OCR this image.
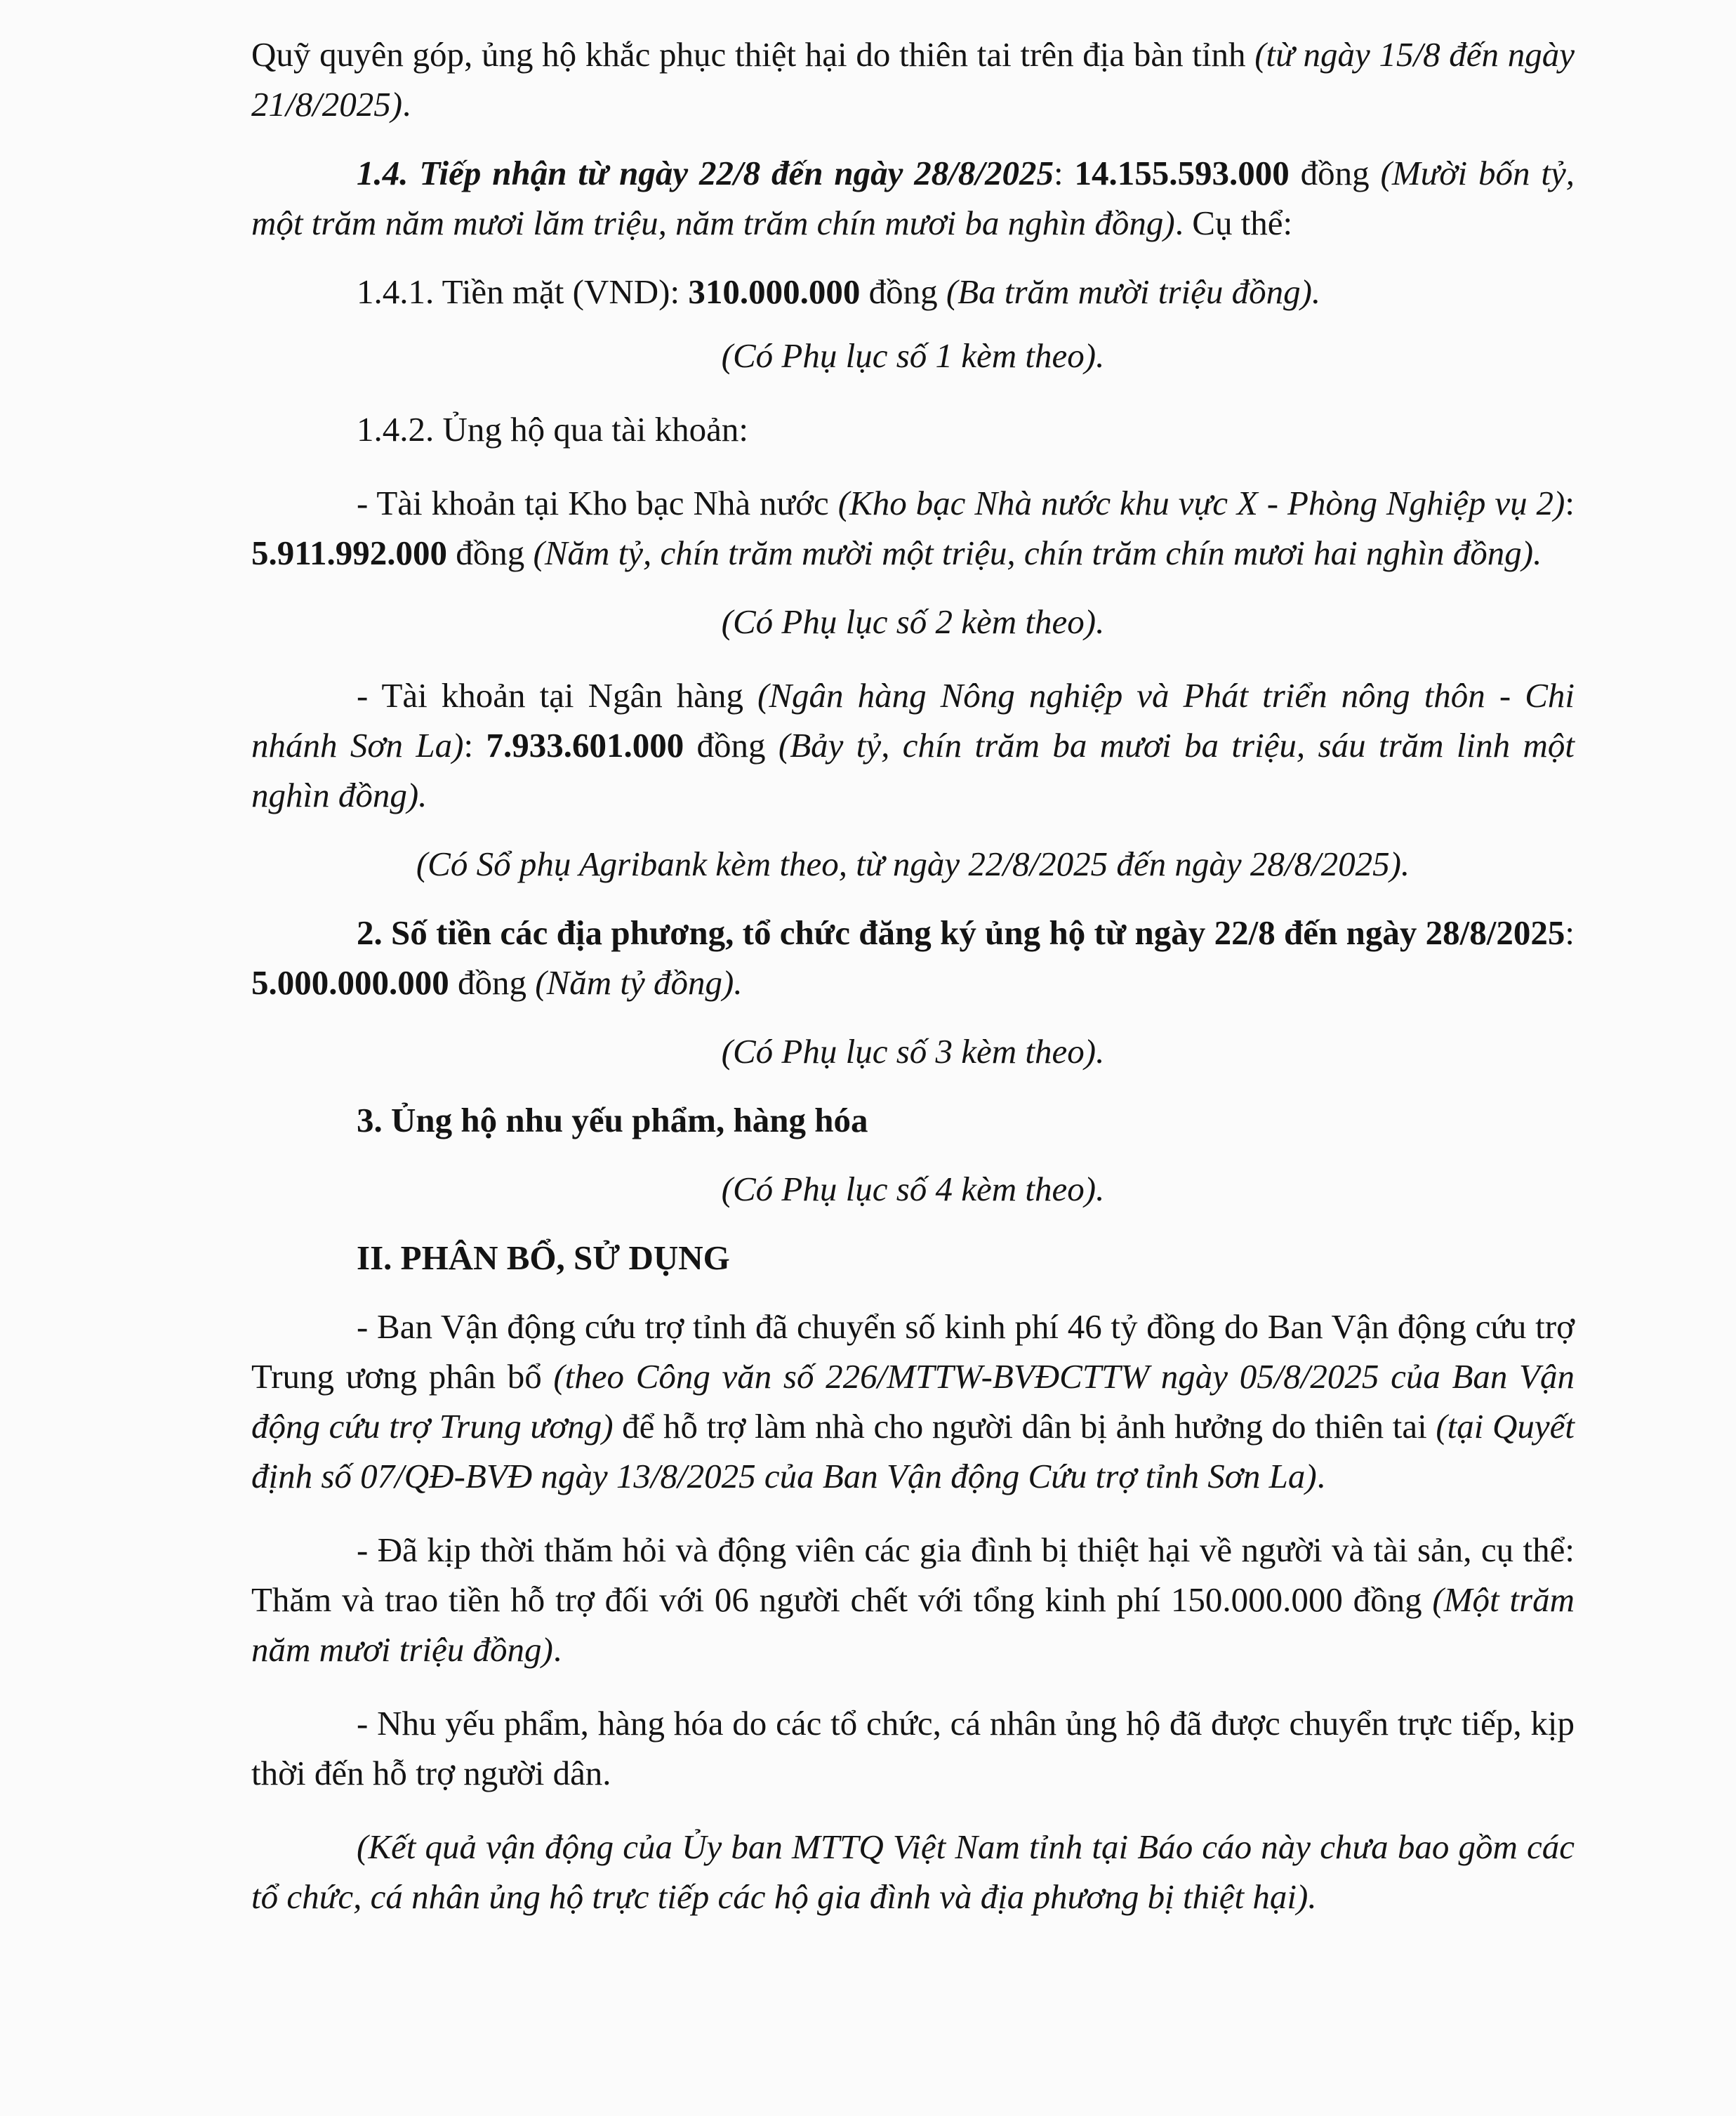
Quỹ quyên góp, ủng hộ khắc phục thiệt hại do thiên tai trên địa bàn tỉnh (từ ngày 15/8 đến ngày 21/8/2025).

1.4. Tiếp nhận từ ngày 22/8 đến ngày 28/8/2025: 14.155.593.000 đồng (Mười bốn tỷ, một trăm năm mươi lăm triệu, năm trăm chín mươi ba nghìn đồng). Cụ thể:

1.4.1. Tiền mặt (VND): 310.000.000 đồng (Ba trăm mười triệu đồng).

(Có Phụ lục số 1 kèm theo).

1.4.2. Ủng hộ qua tài khoản:

- Tài khoản tại Kho bạc Nhà nước (Kho bạc Nhà nước khu vực X - Phòng Nghiệp vụ 2): 5.911.992.000 đồng (Năm tỷ, chín trăm mười một triệu, chín trăm chín mươi hai nghìn đồng).

(Có Phụ lục số 2 kèm theo).

- Tài khoản tại Ngân hàng (Ngân hàng Nông nghiệp và Phát triển nông thôn - Chi nhánh Sơn La): 7.933.601.000 đồng (Bảy tỷ, chín trăm ba mươi ba triệu, sáu trăm linh một nghìn đồng).

(Có Sổ phụ Agribank kèm theo, từ ngày 22/8/2025 đến ngày 28/8/2025).

2. Số tiền các địa phương, tổ chức đăng ký ủng hộ từ ngày 22/8 đến ngày 28/8/2025: 5.000.000.000 đồng (Năm tỷ đồng).

(Có Phụ lục số 3 kèm theo).

3. Ủng hộ nhu yếu phẩm, hàng hóa

(Có Phụ lục số 4 kèm theo).

II. PHÂN BỔ, SỬ DỤNG

- Ban Vận động cứu trợ tỉnh đã chuyển số kinh phí 46 tỷ đồng do Ban Vận động cứu trợ Trung ương phân bổ (theo Công văn số 226/MTTW-BVĐCTTW ngày 05/8/2025 của Ban Vận động cứu trợ Trung ương) để hỗ trợ làm nhà cho người dân bị ảnh hưởng do thiên tai (tại Quyết định số 07/QĐ-BVĐ ngày 13/8/2025 của Ban Vận động Cứu trợ tỉnh Sơn La).

- Đã kịp thời thăm hỏi và động viên các gia đình bị thiệt hại về người và tài sản, cụ thể: Thăm và trao tiền hỗ trợ đối với 06 người chết với tổng kinh phí 150.000.000 đồng (Một trăm năm mươi triệu đồng).

- Nhu yếu phẩm, hàng hóa do các tổ chức, cá nhân ủng hộ đã được chuyển trực tiếp, kịp thời đến hỗ trợ người dân.

(Kết quả vận động của Ủy ban MTTQ Việt Nam tỉnh tại Báo cáo này chưa bao gồm các tổ chức, cá nhân ủng hộ trực tiếp các hộ gia đình và địa phương bị thiệt hại).
